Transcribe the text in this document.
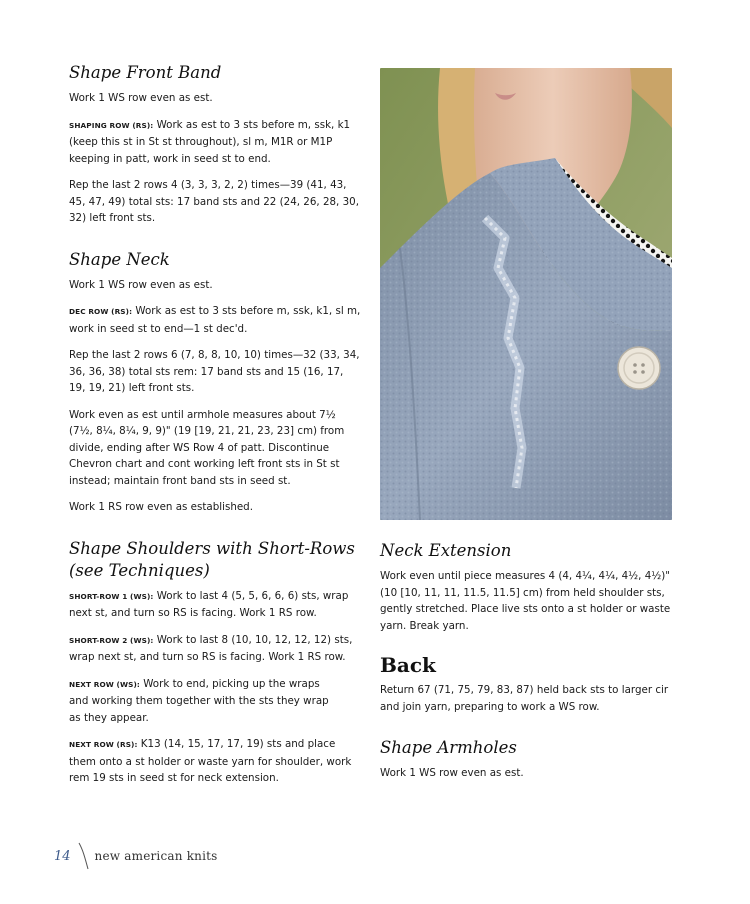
Shape Front Band

Work 1 WS row even as est.

SHAPING ROW (RS): Work as est to 3 sts before m, ssk, k1 (keep this st in St st throughout), sl m, M1R or M1P keeping in patt, work in seed st to end.

Rep the last 2 rows 4 (3, 3, 3, 2, 2) times—39 (41, 43, 45, 47, 49) total sts: 17 band sts and 22 (24, 26, 28, 30, 32) left front sts.

Shape Neck

Work 1 WS row even as est.

DEC ROW (RS): Work as est to 3 sts before m, ssk, k1, sl m, work in seed st to end—1 st dec'd.

Rep the last 2 rows 6 (7, 8, 8, 10, 10) times—32 (33, 34, 36, 36, 38) total sts rem: 17 band sts and 15 (16, 17, 19, 19, 21) left front sts.

Work even as est until armhole measures about 7½ (7½, 8¼, 8¼, 9, 9)" (19 [19, 21, 21, 23, 23] cm) from divide, ending after WS Row 4 of patt. Discontinue Chevron chart and cont working left front sts in St st instead; maintain front band sts in seed st.

Work 1 RS row even as established.

Shape Shoulders with Short-Rows
(see Techniques)

SHORT-ROW 1 (WS): Work to last 4 (5, 5, 6, 6, 6) sts, wrap next st, and turn so RS is facing. Work 1 RS row.

SHORT-ROW 2 (WS): Work to last 8 (10, 10, 12, 12, 12) sts, wrap next st, and turn so RS is facing. Work 1 RS row.

NEXT ROW (WS): Work to end, picking up the wraps and working them together with the sts they wrap as they appear.

NEXT ROW (RS): K13 (14, 15, 17, 17, 19) sts and place them onto a st holder or waste yarn for shoulder, work rem 19 sts in seed st for neck extension.

Neck Extension

Work even until piece measures 4 (4, 4¼, 4¼, 4½, 4½)" (10 [10, 11, 11, 11.5, 11.5] cm) from held shoulder sts, gently stretched. Place live sts onto a st holder or waste yarn. Break yarn.

Back

Return 67 (71, 75, 79, 83, 87) held back sts to larger cir and join yarn, preparing to work a WS row.

Shape Armholes

Work 1 WS row even as est.

14 new american knits
